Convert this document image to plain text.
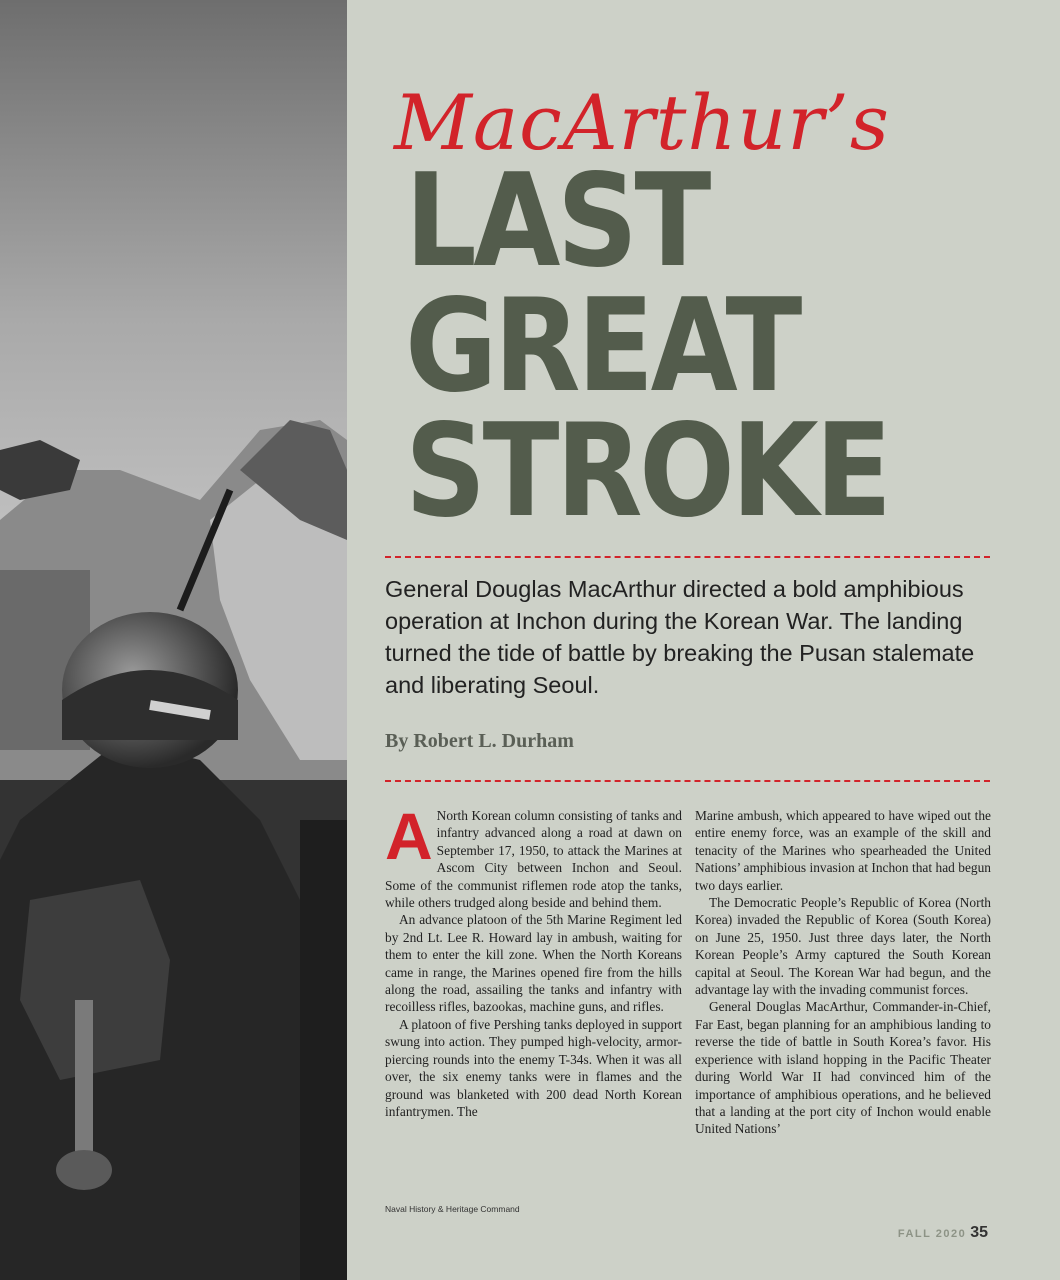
MacArthur’s
LAST
GREAT
STROKE
General Douglas MacArthur directed a bold amphibious operation at Inchon during the Korean War. The landing turned the tide of battle by breaking the Pusan stalemate and liberating Seoul.
By Robert L. Durham

A North Korean column consisting of tanks and infantry advanced along a road at dawn on September 17, 1950, to attack the Marines at Ascom City between Inchon and Seoul. Some of the communist riflemen rode atop the tanks, while others trudged along beside and behind them.

An advance platoon of the 5th Marine Regiment led by 2nd Lt. Lee R. Howard lay in ambush, waiting for them to enter the kill zone. When the North Koreans came in range, the Marines opened fire from the hills along the road, assailing the tanks and infantry with recoilless rifles, bazookas, machine guns, and rifles.

A platoon of five Pershing tanks deployed in support swung into action. They pumped high-velocity, armor-piercing rounds into the enemy T-34s. When it was all over, the six enemy tanks were in flames and the ground was blanketed with 200 dead North Korean infantrymen. The

Marine ambush, which appeared to have wiped out the entire enemy force, was an example of the skill and tenacity of the Marines who spearheaded the United Nations’ amphibious invasion at Inchon that had begun two days earlier.

The Democratic People’s Republic of Korea (North Korea) invaded the Republic of Korea (South Korea) on June 25, 1950. Just three days later, the North Korean People’s Army captured the South Korean capital at Seoul. The Korean War had begun, and the advantage lay with the invading communist forces.

General Douglas MacArthur, Commander-in-Chief, Far East, began planning for an amphibious landing to reverse the tide of battle in South Korea’s favor. His experience with island hopping in the Pacific Theater during World War II had convinced him of the importance of amphibious operations, and he believed that a landing at the port city of Inchon would enable United Nations’

Naval History & Heritage Command
FALL 2020 35
